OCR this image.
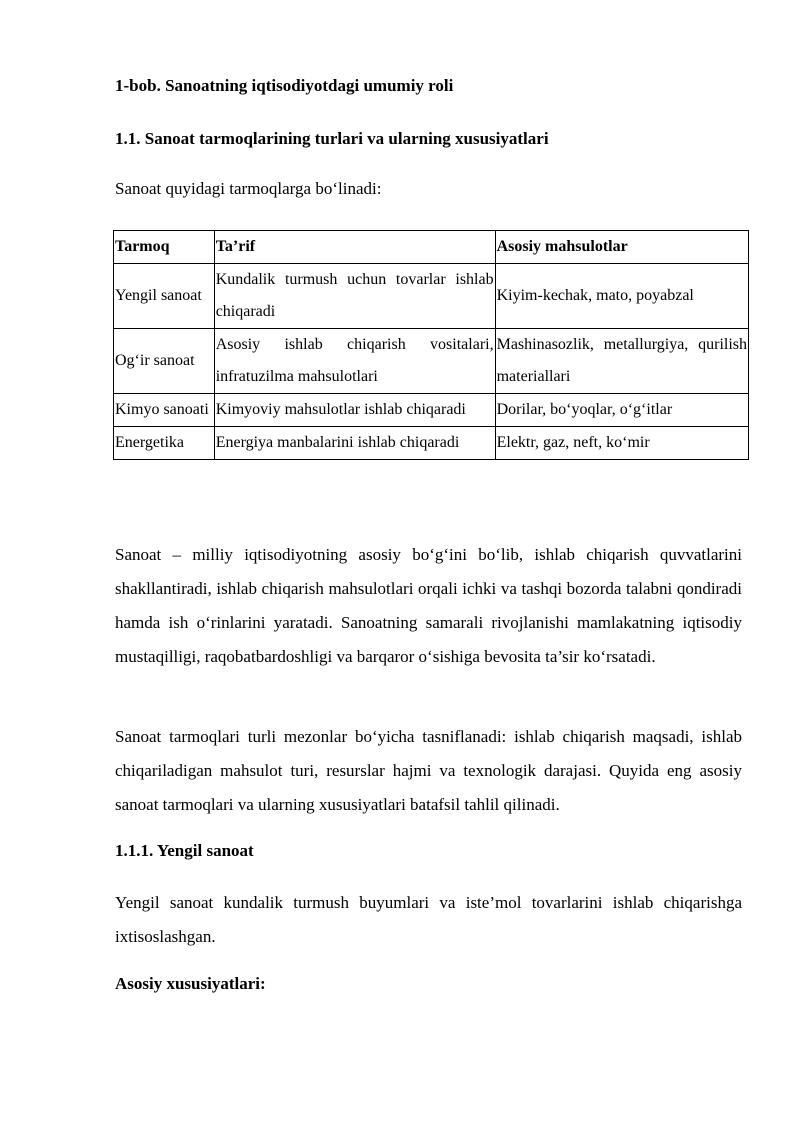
1-bob. Sanoatning iqtisodiyotdagi umumiy roli
1.1. Sanoat tarmoqlarining turlari va ularning xususiyatlari
Sanoat quyidagi tarmoqlarga bo‘linadi:
Tarmoq	Ta’rif	Asosiy mahsulotlar
Yengil sanoat	Kundalik turmush uchun tovarlar ishlab chiqaradi	Kiyim-kechak, mato, poyabzal
Og‘ir sanoat	Asosiy ishlab chiqarish vositalari, infratuzilma mahsulotlari	Mashinasozlik, metallurgiya, qurilish materiallari
Kimyo sanoati	Kimyoviy mahsulotlar ishlab chiqaradi	Dorilar, bo‘yoqlar, o‘g‘itlar
Energetika	Energiya manbalarini ishlab chiqaradi	Elektr, gaz, neft, ko‘mir
Sanoat – milliy iqtisodiyotning asosiy bo‘g‘ini bo‘lib, ishlab chiqarish quvvatlarini shakllantiradi, ishlab chiqarish mahsulotlari orqali ichki va tashqi bozorda talabni qondiradi hamda ish o‘rinlarini yaratadi. Sanoatning samarali rivojlanishi mamlakatning iqtisodiy mustaqilligi, raqobatbardoshligi va barqaror o‘sishiga bevosita ta’sir ko‘rsatadi.
Sanoat tarmoqlari turli mezonlar bo‘yicha tasniflanadi: ishlab chiqarish maqsadi, ishlab chiqariladigan mahsulot turi, resurslar hajmi va texnologik darajasi. Quyida eng asosiy sanoat tarmoqlari va ularning xususiyatlari batafsil tahlil qilinadi.
1.1.1. Yengil sanoat
Yengil sanoat kundalik turmush buyumlari va iste’mol tovarlarini ishlab chiqarishga ixtisoslashgan.
Asosiy xususiyatlari:
